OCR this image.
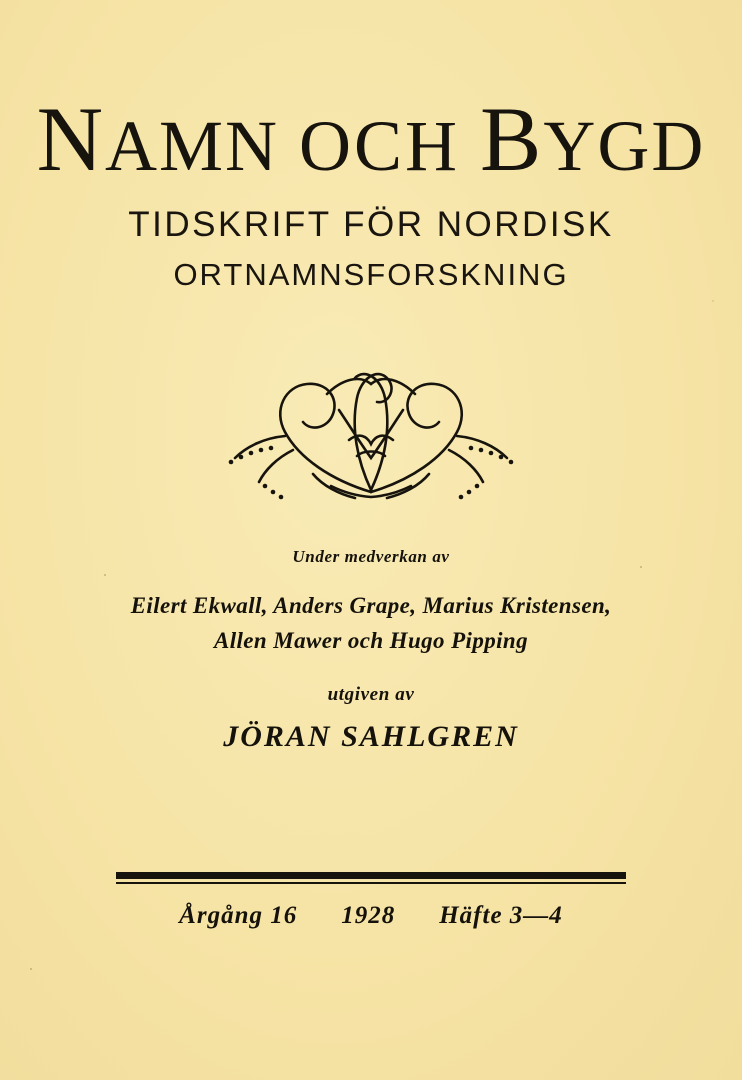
NAMN OCH BYGD
TIDSKRIFT FÖR NORDISK
ORTNAMNSFORSKNING
Under medverkan av
Eilert Ekwall, Anders Grape, Marius Kristensen,
Allen Mawer och Hugo Pipping
utgiven av
JÖRAN SAHLGREN
Årgång 16 1928 Häfte 3—4
